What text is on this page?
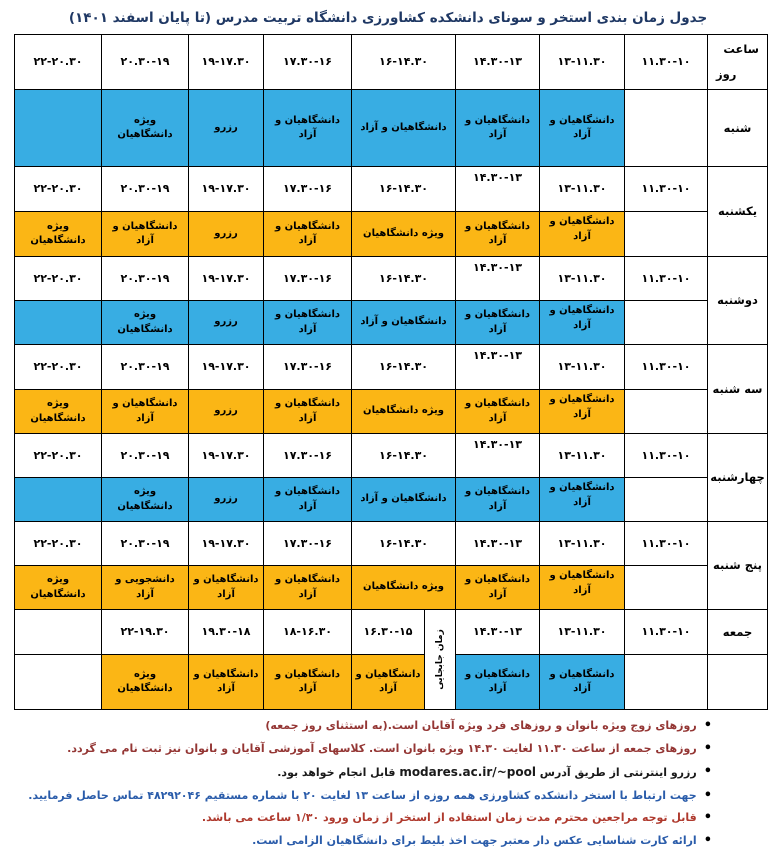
جدول زمان بندی استخر و سونای دانشکده کشاورزی دانشگاه تربیت مدرس (تا پایان اسفند ۱۴۰۱)
ساعت
روز
۱۱.۳۰-۱۰
۱۳-۱۱.۳۰
۱۴.۳۰-۱۳
۱۶-۱۴.۳۰
۱۷.۳۰-۱۶
۱۹-۱۷.۳۰
۲۰.۳۰-۱۹
۲۲-۲۰.۳۰
شنبه
دانشگاهیان و آزاد
دانشگاهیان و آزاد
دانشگاهیان و آزاد
دانشگاهیان و آزاد
رزرو
ویژه دانشگاهیان
یکشنبه
۱۱.۳۰-۱۰
۱۳-۱۱.۳۰
۱۴.۳۰-۱۳
۱۶-۱۴.۳۰
۱۷.۳۰-۱۶
۱۹-۱۷.۳۰
۲۰.۳۰-۱۹
۲۲-۲۰.۳۰
دانشگاهیان و آزاد
دانشگاهیان و آزاد
ویژه دانشگاهیان
دانشگاهیان و آزاد
رزرو
دانشگاهیان و آزاد
ویژه دانشگاهیان
دوشنبه
۱۱.۳۰-۱۰
۱۳-۱۱.۳۰
۱۴.۳۰-۱۳
۱۶-۱۴.۳۰
۱۷.۳۰-۱۶
۱۹-۱۷.۳۰
۲۰.۳۰-۱۹
۲۲-۲۰.۳۰
دانشگاهیان و آزاد
دانشگاهیان و آزاد
دانشگاهیان و آزاد
دانشگاهیان و آزاد
رزرو
ویژه دانشگاهیان
سه شنبه
۱۱.۳۰-۱۰
۱۳-۱۱.۳۰
۱۴.۳۰-۱۳
۱۶-۱۴.۳۰
۱۷.۳۰-۱۶
۱۹-۱۷.۳۰
۲۰.۳۰-۱۹
۲۲-۲۰.۳۰
دانشگاهیان و آزاد
دانشگاهیان و آزاد
ویژه دانشگاهیان
دانشگاهیان و آزاد
رزرو
دانشگاهیان و آزاد
ویژه دانشگاهیان
چهارشنبه
۱۱.۳۰-۱۰
۱۳-۱۱.۳۰
۱۴.۳۰-۱۳
۱۶-۱۴.۳۰
۱۷.۳۰-۱۶
۱۹-۱۷.۳۰
۲۰.۳۰-۱۹
۲۲-۲۰.۳۰
دانشگاهیان و آزاد
دانشگاهیان و آزاد
دانشگاهیان و آزاد
دانشگاهیان و آزاد
رزرو
ویژه دانشگاهیان
پنج شنبه
۱۱.۳۰-۱۰
۱۳-۱۱.۳۰
۱۴.۳۰-۱۳
۱۶-۱۴.۳۰
۱۷.۳۰-۱۶
۱۹-۱۷.۳۰
۲۰.۳۰-۱۹
۲۲-۲۰.۳۰
دانشگاهیان و آزاد
دانشگاهیان و آزاد
ویژه دانشگاهیان
دانشگاهیان و آزاد
دانشگاهیان و آزاد
دانشجویی و آزاد
ویژه دانشگاهیان
جمعه
۱۱.۳۰-۱۰
۱۳-۱۱.۳۰
۱۴.۳۰-۱۳
۱۶.۳۰-۱۵
۱۸-۱۶.۳۰
۱۹.۳۰-۱۸
۲۲-۱۹.۳۰	زمان جابجایی	دانشگاهیان و آزاد
دانشگاهیان و آزاد
دانشگاهیان و آزاد
دانشگاهیان و آزاد
دانشگاهیان و آزاد
ویژه دانشگاهیان
•
روزهای زوج ویژه بانوان و روزهای فرد ویژه آقایان است.(به استثنای روز جمعه)
•
روزهای جمعه از ساعت ۱۱.۳۰ لغایت ۱۴.۳۰ ویژه بانوان است. کلاسهای آموزشی آقایان و بانوان نیز ثبت نام می گردد.
•
رزرو اینترنتی از طریق آدرس modares.ac.ir/~pool قابل انجام خواهد بود.
•
جهت ارتباط با استخر دانشکده کشاورزی همه روزه از ساعت ۱۳ لغایت ۲۰ با شماره مستقیم ۴۸۲۹۲۰۴۶ تماس حاصل فرمایید.
•
قابل توجه مراجعین محترم مدت زمان استفاده از استخر از زمان ورود ۱/۳۰ ساعت می باشد.
•
ارائه کارت شناسایی عکس دار معتبر جهت اخذ بلیط برای دانشگاهیان الزامی است.
